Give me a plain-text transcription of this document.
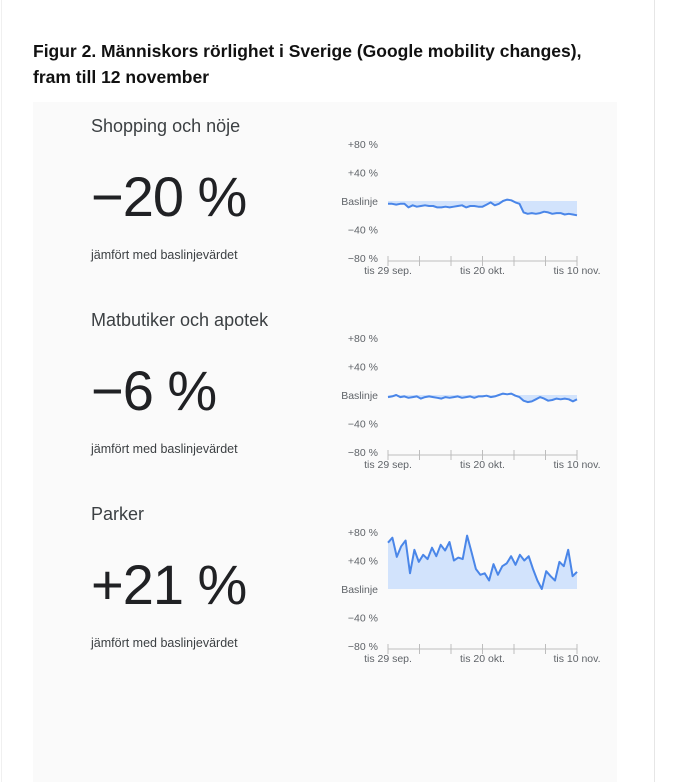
Figur 2. Människors rörlighet i Sverige (Google mobility changes), fram till 12 november
Shopping och nöje
−20 %
jämfört med baslinjevärdet
+80 %
+40 %
Baslinje
−40 %
−80 %
tis 29 sep.	tis 20 okt.	tis 10 nov.
Matbutiker och apotek
−6 %
jämfört med baslinjevärdet
+80 %
+40 %
Baslinje
−40 %
−80 %
tis 29 sep.	tis 20 okt.	tis 10 nov.
Parker
+21 %
jämfört med baslinjevärdet
+80 %
+40 %
Baslinje
−40 %
−80 %
tis 29 sep.	tis 20 okt.	tis 10 nov.
